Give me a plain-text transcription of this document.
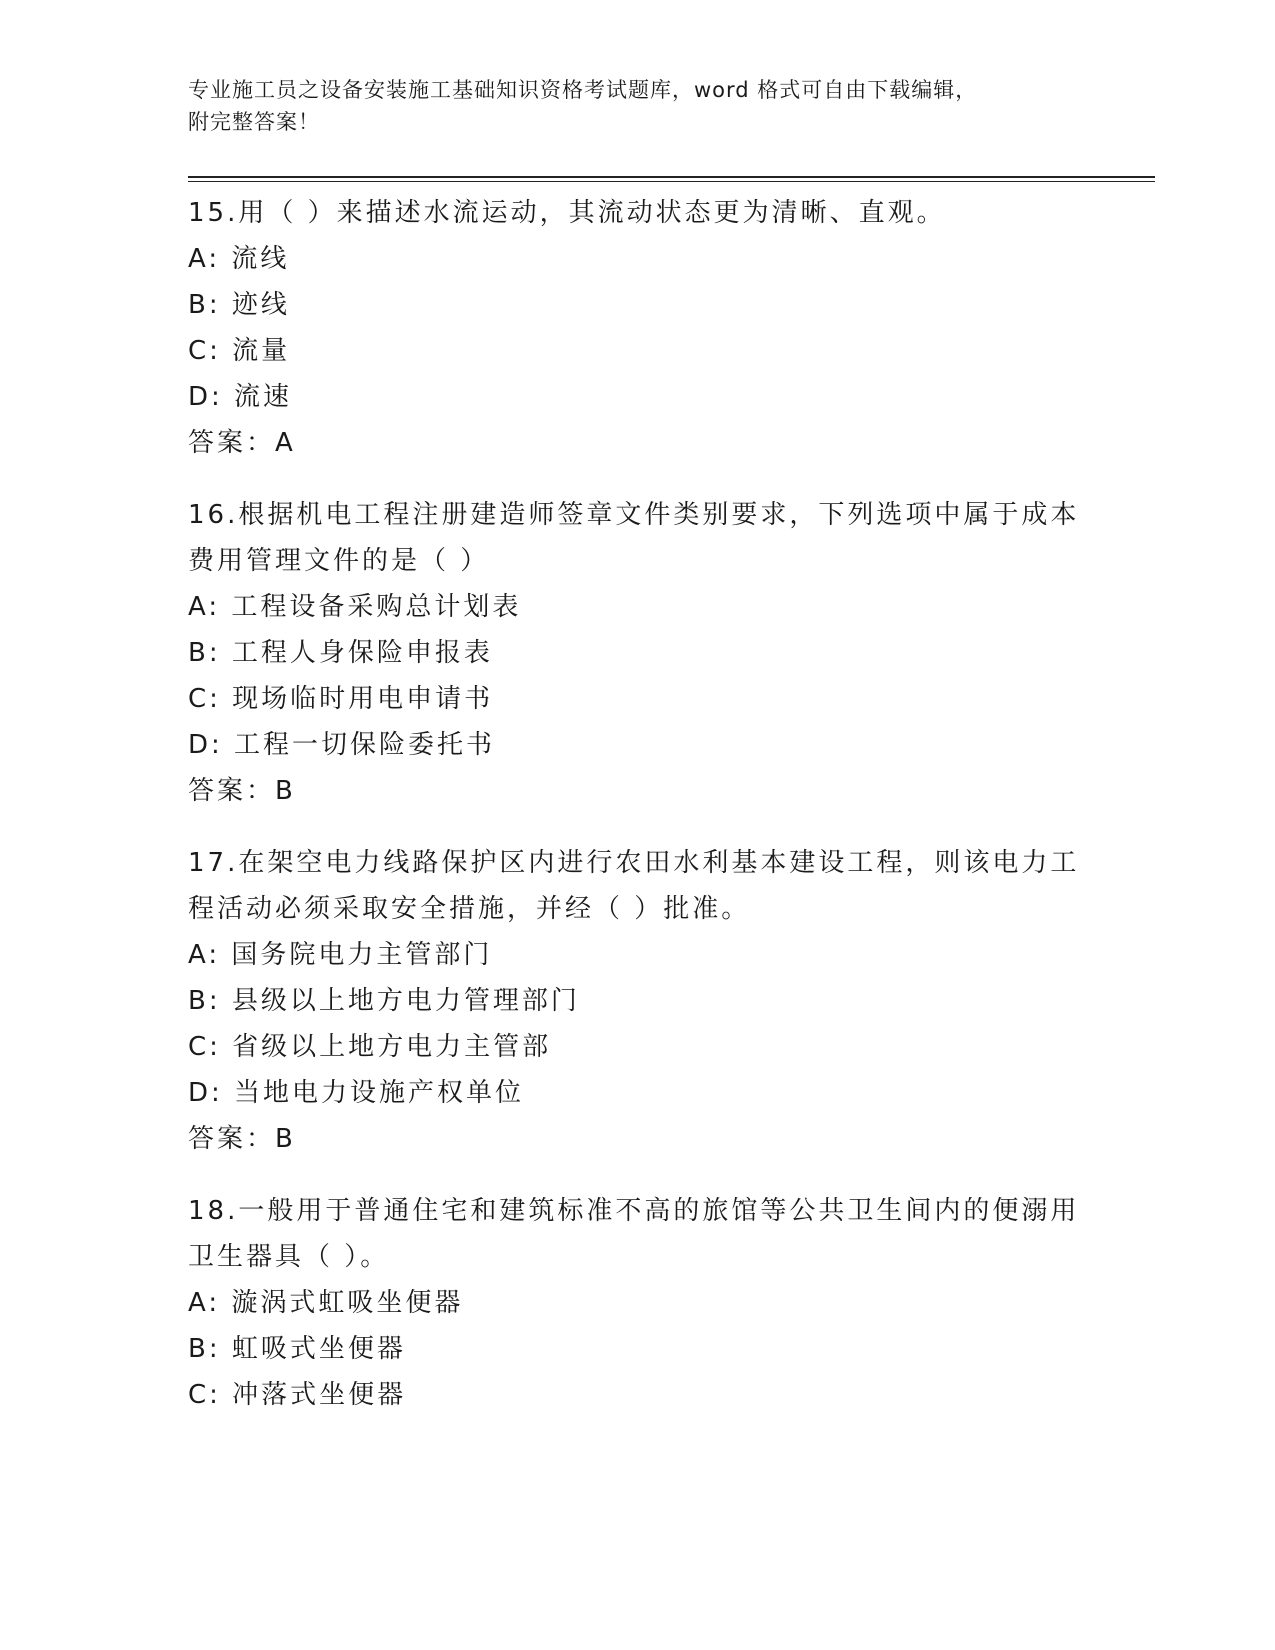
专业施工员之设备安装施工基础知识资格考试题库，word 格式可自由下载编辑，
附完整答案！

15.用（ ）来描述水流运动，其流动状态更为清晰、直观。

A: 流线

B: 迹线

C: 流量

D: 流速

答案：A

16.根据机电工程注册建造师签章文件类别要求，下列选项中属于成本费用管理文件的是（ ）

A: 工程设备采购总计划表

B: 工程人身保险申报表

C: 现场临时用电申请书

D: 工程一切保险委托书

答案：B

17.在架空电力线路保护区内进行农田水利基本建设工程，则该电力工程活动必须采取安全措施，并经（ ）批准。

A: 国务院电力主管部门

B: 县级以上地方电力管理部门

C: 省级以上地方电力主管部

D: 当地电力设施产权单位

答案：B

18.一般用于普通住宅和建筑标准不高的旅馆等公共卫生间内的便溺用卫生器具（ ）。

A: 漩涡式虹吸坐便器

B: 虹吸式坐便器

C: 冲落式坐便器
